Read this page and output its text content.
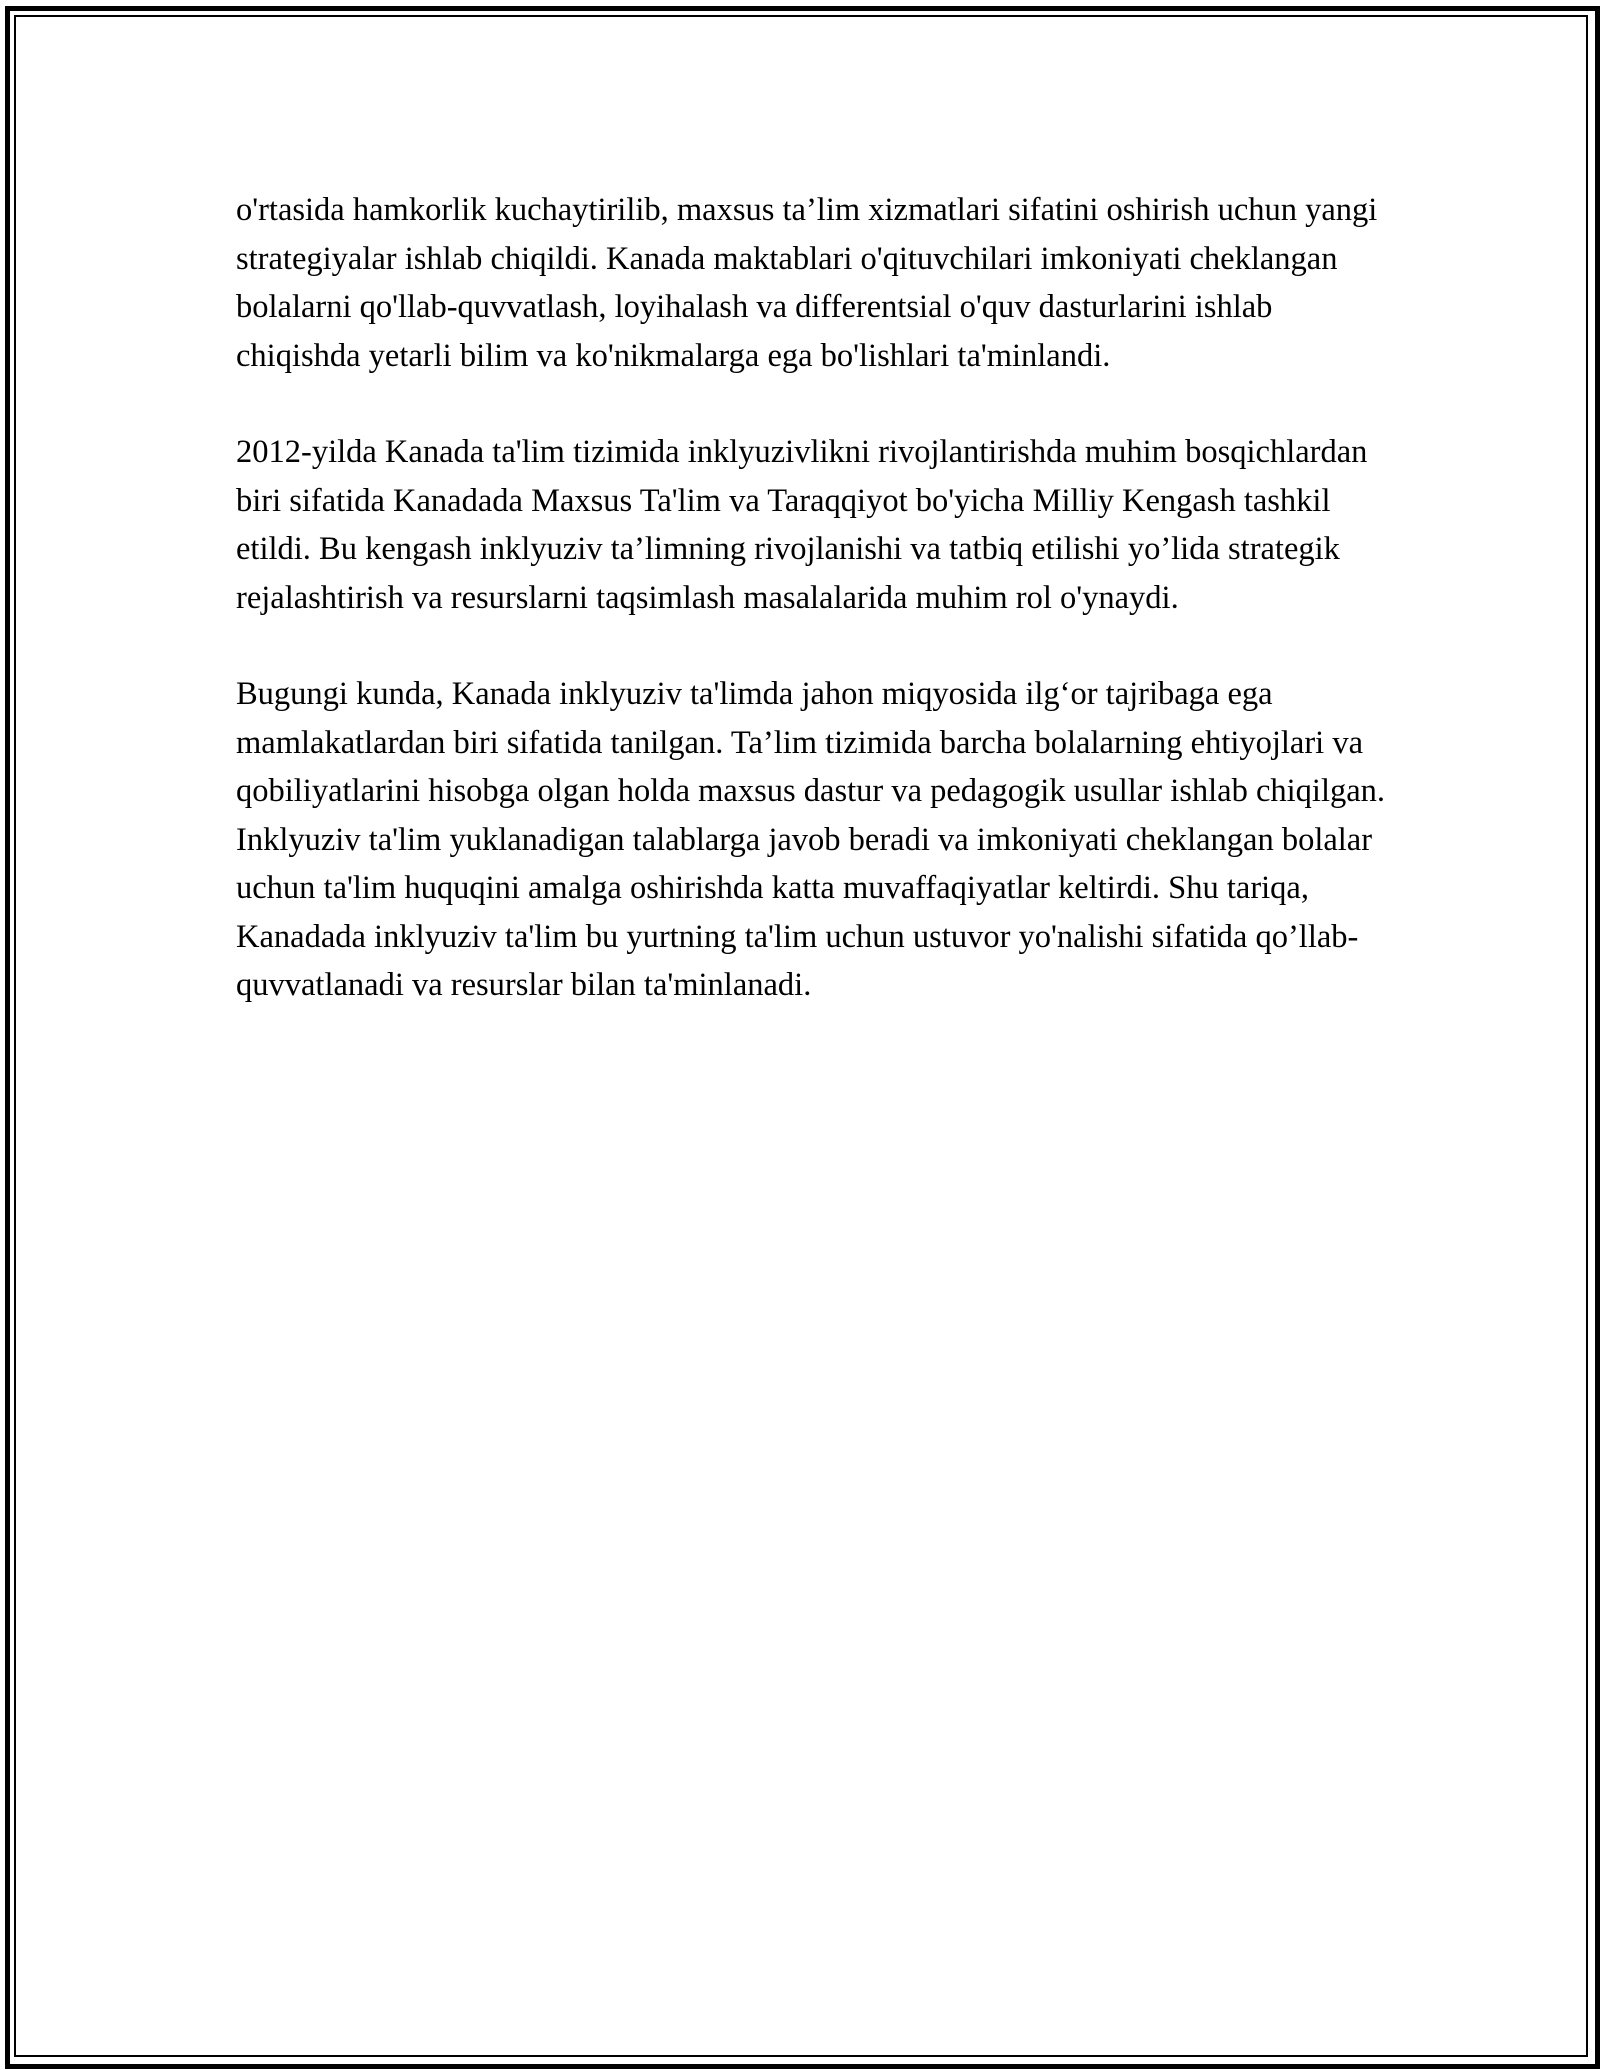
o'rtasida hamkorlik kuchaytirilib, maxsus ta’lim xizmatlari sifatini oshirish uchun yangi strategiyalar ishlab chiqildi. Kanada maktablari o'qituvchilari imkoniyati cheklangan bolalarni qo'llab-quvvatlash, loyihalash va differentsial o'quv dasturlarini ishlab chiqishda yetarli bilim va ko'nikmalarga ega bo'lishlari ta'minlandi.

2012-yilda Kanada ta'lim tizimida inklyuzivlikni rivojlantirishda muhim bosqichlardan biri sifatida Kanadada Maxsus Ta'lim va Taraqqiyot bo'yicha Milliy Kengash tashkil etildi. Bu kengash inklyuziv ta’limning rivojlanishi va tatbiq etilishi yo’lida strategik rejalashtirish va resurslarni taqsimlash masalalarida muhim rol o'ynaydi.

Bugungi kunda, Kanada inklyuziv ta'limda jahon miqyosida ilg‘or tajribaga ega mamlakatlardan biri sifatida tanilgan. Ta’lim tizimida barcha bolalarning ehtiyojlari va qobiliyatlarini hisobga olgan holda maxsus dastur va pedagogik usullar ishlab chiqilgan. Inklyuziv ta'lim yuklanadigan talablarga javob beradi va imkoniyati cheklangan bolalar uchun ta'lim huquqini amalga oshirishda katta muvaffaqiyatlar keltirdi. Shu tariqa, Kanadada inklyuziv ta'lim bu yurtning ta'lim uchun ustuvor yo'nalishi sifatida qo’llab-quvvatlanadi va resurslar bilan ta'minlanadi.
